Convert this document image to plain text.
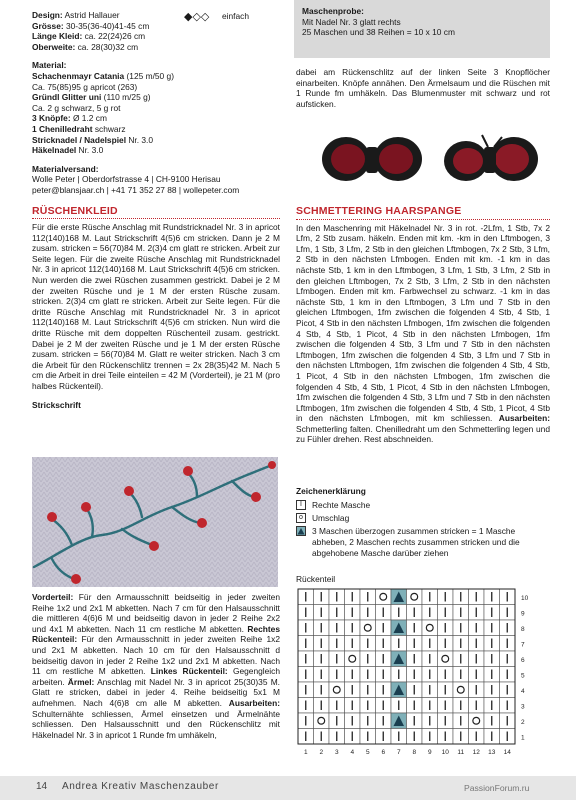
Design: Astrid Hallauer

Grösse: 30-35(36-40)41-45 cm

Länge Kleid: ca. 22(24)26 cm

Oberweite: ca. 28(30)32 cm

Material:

Schachenmayr Catania (125 m/50 g)

Ca. 75(85)95 g apricot (263)

Gründl Glitter uni (110 m/25 g)

Ca. 2 g schwarz, 5 g rot

3 Knöpfe: Ø 1.2 cm

1 Chenilledraht schwarz

Stricknadel / Nadelspiel Nr. 3.0

Häkelnadel Nr. 3.0

Materialversand:

Wolle Peter | Oberdorfstrasse 4 | CH-9100 Herisau

peter@blansjaar.ch | +41 71 352 27 88 | wollepeter.com

RÜSCHENKLEID

Für die erste Rüsche Anschlag mit Rundstricknadel Nr. 3 in apricot 112(140)168 M. Laut Strickschrift 4(5)6 cm stricken. Dann je 2 M zusam. stricken = 56(70)84 M. 2(3)4 cm glatt re stricken. Arbeit zur Seite legen. Für die zweite Rüsche Anschlag mit Rundstricknadel Nr. 3 in apricot 112(140)168 M. Laut Strickschrift 4(5)6 cm stricken. Nun werden die zwei Rüschen zusammen gestrickt. Dabei je 2 M der zweiten Rüsche und je 1 M der ersten Rüsche zusam. stricken. 2(3)4 cm glatt re stricken. Arbeit zur Seite legen. Für die dritte Rüsche Anschlag mit Rundstricknadel Nr. 3 in apricot 112(140)168 M. Laut Strickschrift 4(5)6 cm stricken. Nun wird die dritte Rüsche mit dem doppelten Rüschenteil zusam. gestrickt. Dabei je 2 M der zweiten Rüsche und je 1 M der ersten Rüsche zusam. stricken = 56(70)84 M. Glatt re weiter stricken. Nach 3 cm die Arbeit für den Rückenschlitz trennen = 2x 28(35)42 M. Nach 5 cm die Arbeit in drei Teile einteilen = 42 M (Vorderteil), je 21 M (pro halbes Rückenteil).

Strickschrift

◆◇◇ einfach

Vorderteil: Für den Armausschnitt beidseitig in jeder zweiten Reihe 1x2 und 2x1 M abketten. Nach 7 cm für den Halsausschnitt die mittleren 4(6)6 M und beidseitig davon in jeder 2 Reihe 2x2 und 4x1 M abketten. Nach 11 cm restliche M abketten. Rechtes Rückenteil: Für den Armausschnitt in jeder zweiten Reihe 1x2 und 2x1 M abketten. Nach 10 cm für den Halsausschnitt d beidseitig davon in jeder 2 Reihe 1x2 und 2x1 M abketten. Nach 11 cm restliche M abketten. Linkes Rückenteil: Gegengleich arbeiten. Ärmel: Anschlag mit Nadel Nr. 3 in apricot 25(30)35 M. Glatt re stricken, dabei in jeder 4. Reihe beidseitig 5x1 M aufnehmen. Nach 4(6)8 cm alle M abketten. Ausarbeiten: Schulternähte schliessen, Ärmel einsetzen und Ärmelnähte schliessen. Den Halsausschnitt und den Rückenschlitz mit Häkelnadel Nr. 3 in apricot 1 Runde fm umhäkeln,

Maschenprobe:

Mit Nadel Nr. 3 glatt rechts

25 Maschen und 38 Reihen = 10 x 10 cm

dabei am Rückenschlitz auf der linken Seite 3 Knopflöcher einarbeiten. Knöpfe annähen. Den Ärmelsaum und die Rüschen mit 1 Runde fm umhäkeln. Das Blumenmuster mit schwarz und rot aufsticken.

SCHMETTERING HAARSPANGE

In den Maschenring mit Häkelnadel Nr. 3 in rot. -2Lfm, 1 Stb, 7x 2 Lfm, 2 Stb zusam. häkeln. Enden mit km. -km in den Lftmbogen, 3 Lfm, 1 Stb, 3 Lfm, 2 Stb in den gleichen Lftmbogen, 7x 2 Stb, 3 Lfm, 2 Stb in den nächsten Lfmbogen. Enden mit km. -1 km in das nächste Stb, 1 km in den Lftmbogen, 3 Lfm, 1 Stb, 3 Lfm, 2 Stb in den gleichen Lftmbogen, 7x 2 Stb, 3 Lfm, 2 Stb in den nächsten Lfmbogen. Enden mit km. Farbwechsel zu schwarz. -1 km in das nächste Stb, 1 km in den Lftmbogen, 3 Lfm und 7 Stb in den gleichen Lftmbogen, 1fm zwischen die folgenden 4 Stb, 4 Stb, 1 Picot, 4 Stb in den nächsten Lfmbogen, 1fm zwischen die folgenden 4 Stb, 4 Stb, 1 Picot, 4 Stb in den nächsten Lfmbogen, 1fm zwischen die folgenden 4 Stb, 3 Lfm und 7 Stb in den nächsten Lftmbogen, 1fm zwischen die folgenden 4 Stb, 3 Lfm und 7 Stb in den nächsten Lftmbogen, 1fm zwischen die folgenden 4 Stb, 4 Stb, 1 Picot, 4 Stb in den nächsten Lfmbogen, 1fm zwischen die folgenden 4 Stb, 4 Stb, 1 Picot, 4 Stb in den nächsten Lfmbogen, 1fm zwischen die folgenden 4 Stb, 3 Lfm und 7 Stb in den nächsten Lftmbogen, 1fm zwischen die folgenden 4 Stb, 4 Stb, 1 Picot, 4 Stb in den nächsten Lfmbogen, mit km schliessen. Ausarbeiten: Schmetterling falten. Chenilledraht um den Schmetterling legen und zu Fühler drehen. Rest abschneiden.

Zeichenerklärung

I Rechte Masche
o Umschlag
3 Maschen überzogen zusammen stricken = 1 Masche abheben, 2 Maschen rechts zusammen stricken und die abgehobene Masche darüber ziehen

Rückenteil

10
9
8
7
6
5
4
3
2
1
1 2 3 4 5 6 7 8 9 10 11 12 13 14
14 Andrea Kreativ Maschenzauber	PassionForum.ru
